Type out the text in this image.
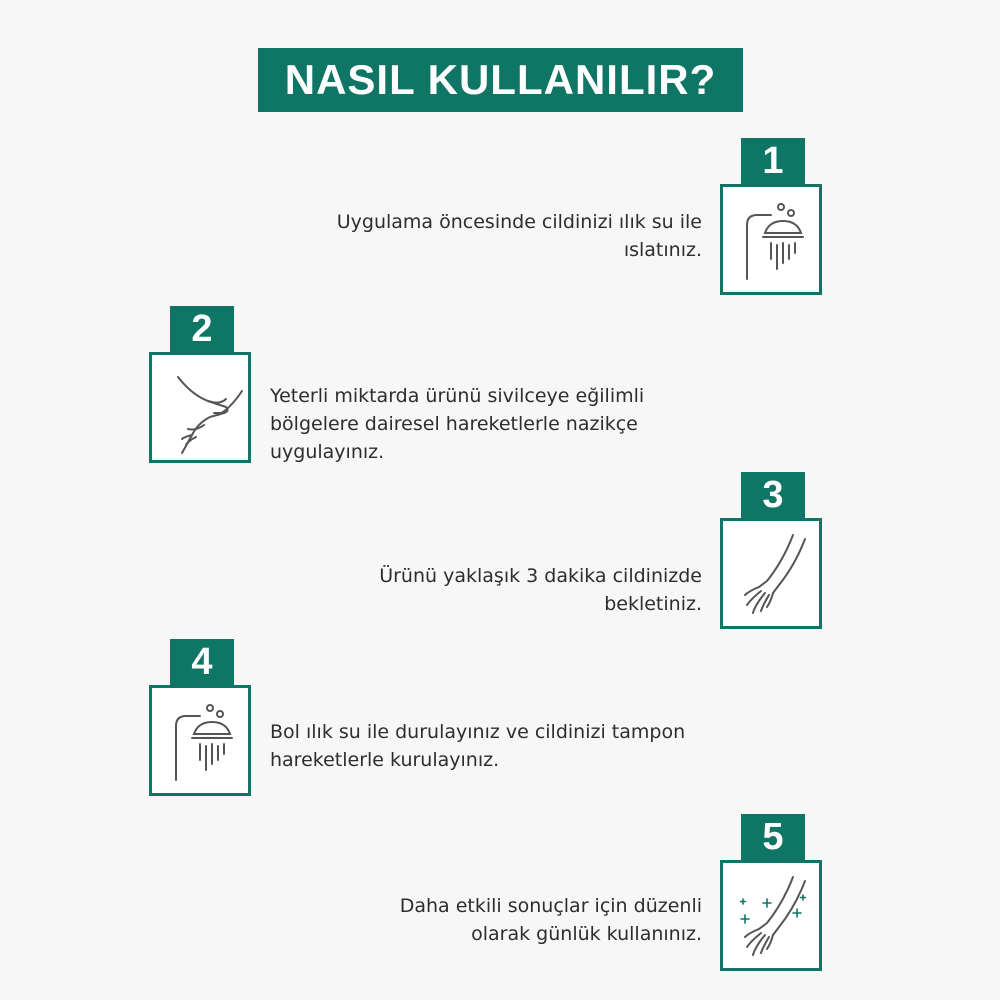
NASIL KULLANILIR?
1
Uygulama öncesinde cildinizi ılık su ile
ıslatınız.
2
Yeterli miktarda ürünü sivilceye eğilimli
bölgelere dairesel hareketlerle nazikçe
uygulayınız.
3
Ürünü yaklaşık 3 dakika cildinizde
bekletiniz.
4
Bol ılık su ile durulayınız ve cildinizi tampon
hareketlerle kurulayınız.
5
Daha etkili sonuçlar için düzenli
olarak günlük kullanınız.
